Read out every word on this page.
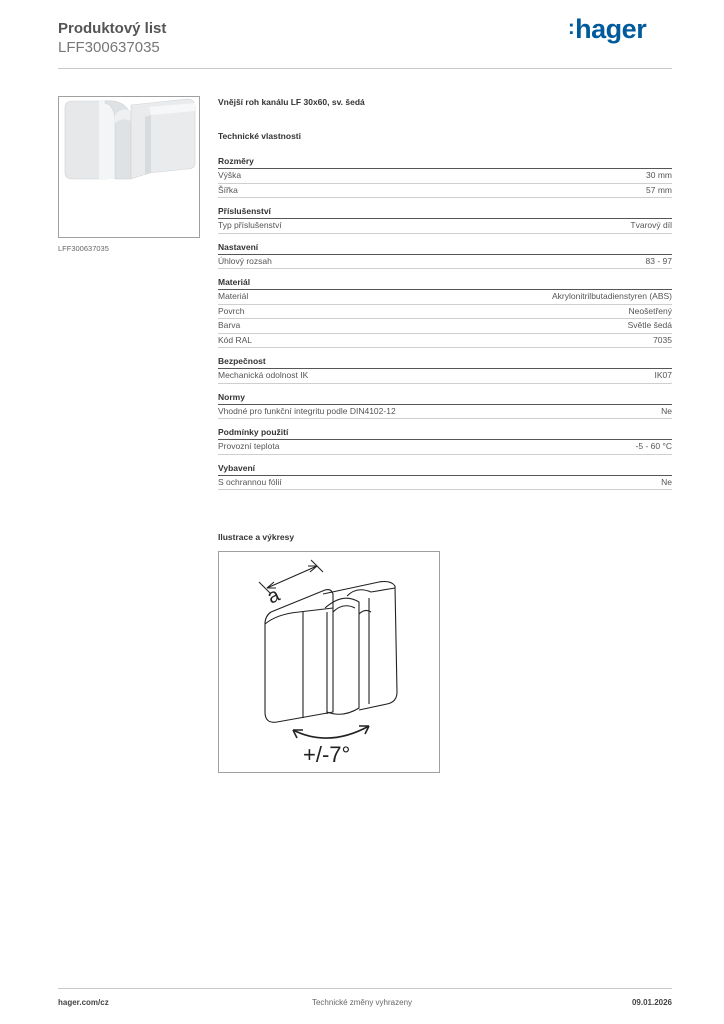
Produktový list
LFF300637035
:hager
LFF300637035
Vnější roh kanálu LF 30x60, sv. šedá
Technické vlastnosti
Rozměry
Výška	30 mm
Šířka	57 mm
Příslušenství
Typ příslušenství	Tvarový díl
Nastavení
Úhlový rozsah	83 - 97
Materiál
Materiál	Akrylonitrilbutadienstyren (ABS)
Povrch	Neošetřený
Barva	Světle šedá
Kód RAL	7035
Bezpečnost
Mechanická odolnost IK	IK07
Normy
Vhodné pro funkční integritu podle DIN4102-12	Ne
Podmínky použití
Provozní teplota	-5 - 60 °C
Vybavení
S ochrannou fólií	Ne
Ilustrace a výkresy
a
+/-7°
hager.com/cz	Technické změny vyhrazeny	09.01.2026
